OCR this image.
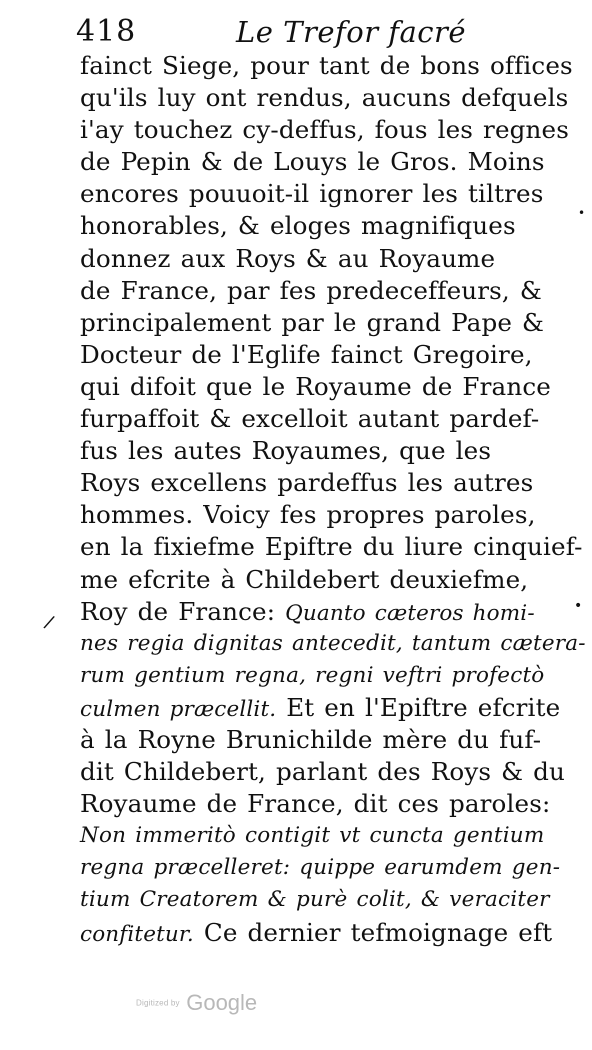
418	Le Trefor facré
fainct Siege, pour tant de bons offices
qu'ils luy ont rendus, aucuns defquels
i'ay touchez cy-deffus, fous les regnes
de Pepin & de Louys le Gros. Moins
encores pouuoit-il ignorer les tiltres
honorables, & eloges magnifiques
donnez aux Roys & au Royaume
de France, par fes predeceffeurs, &
principalement par le grand Pape &
Docteur de l'Eglife fainct Gregoire,
qui difoit que le Royaume de France
furpaffoit & excelloit autant pardef-
fus les autes Royaumes, que les
Roys excellens pardeffus les autres
hommes. Voicy fes propres paroles,
en la fixiefme Epiftre du liure cinquief-
me efcrite à Childebert deuxiefme,
Roy de France: Quanto cæteros homi-
nes regia dignitas antecedit, tantum cætera-
rum gentium regna, regni veftri profectò
culmen præcellit. Et en l'Epiftre efcrite
à la Royne Brunichilde mère du fuf-
dit Childebert, parlant des Roys & du
Royaume de France, dit ces paroles:
Non immeritò contigit vt cuncta gentium
regna præcelleret: quippe earumdem gen-
tium Creatorem & purè colit, & veraciter
confitetur. Ce dernier tefmoignage eft
•
•
/
Digitized by Google
